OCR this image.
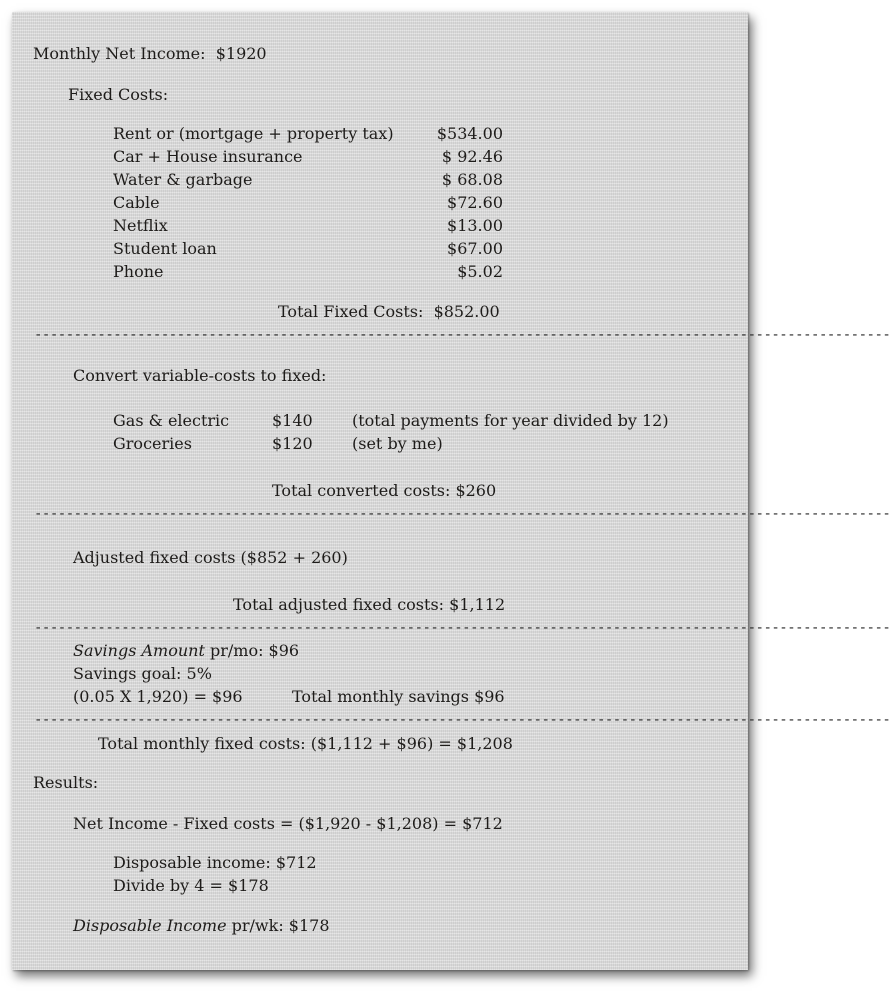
Monthly Net Income: $1920

Fixed Costs:

Rent or (mortgage + property tax)	$534.00

Car + House insurance	$ 92.46

Water & garbage	$ 68.08

Cable	$72.60

Netflix	$13.00

Student loan	$67.00

Phone	$5.02

Total Fixed Costs: $852.00

------------------------------------------------------------------------------------------------------------

Convert variable-costs to fixed:

Gas & electric	$140 (total payments for year divided by 12)

Groceries	$120 (set by me)

Total converted costs: $260

------------------------------------------------------------------------------------------------------------

Adjusted fixed costs ($852 + 260)

Total adjusted fixed costs: $1,112

------------------------------------------------------------------------------------------------------------

Savings Amount pr/mo: $96

Savings goal: 5%

(0.05 X 1,920) = $96	Total monthly savings $96

------------------------------------------------------------------------------------------------------------

Total monthly fixed costs: ($1,112 + $96) = $1,208

Results:

Net Income - Fixed costs = ($1,920 - $1,208) = $712

Disposable income: $712

Divide by 4 = $178

Disposable Income pr/wk: $178
